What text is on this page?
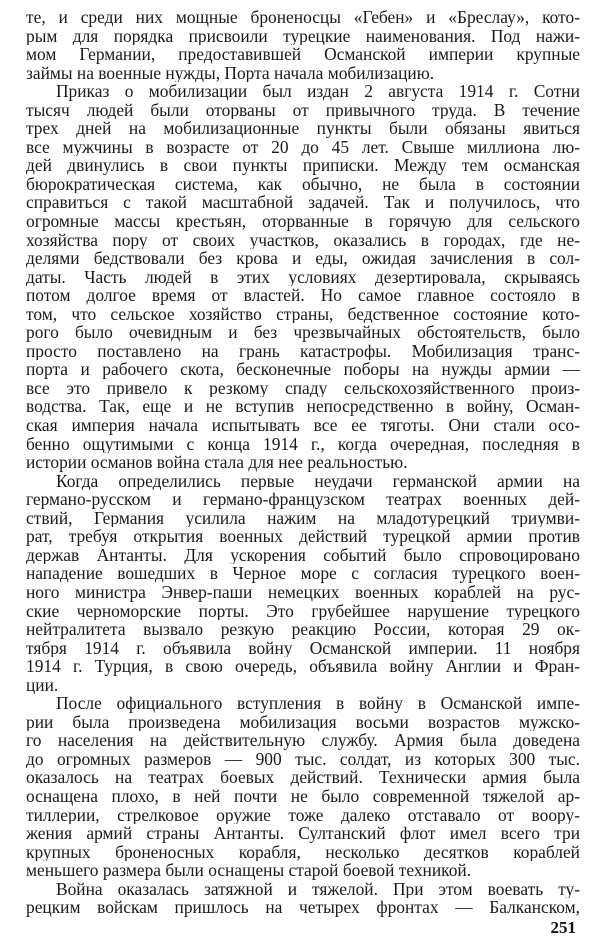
те, и среди них мощные броненосцы «Гебен» и «Бреслау», кото-
рым для порядка присвоили турецкие наименования. Под нажи-
мом Германии, предоставившей Османской империи крупные
займы на военные нужды, Порта начала мобилизацию.
Приказ о мобилизации был издан 2 августа 1914 г. Сотни
тысяч людей были оторваны от привычного труда. В течение
трех дней на мобилизационные пункты были обязаны явиться
все мужчины в возрасте от 20 до 45 лет. Свыше миллиона лю-
дей двинулись в свои пункты приписки. Между тем османская
бюрократическая система, как обычно, не была в состоянии
справиться с такой масштабной задачей. Так и получилось, что
огромные массы крестьян, оторванные в горячую для сельского
хозяйства пору от своих участков, оказались в городах, где не-
делями бедствовали без крова и еды, ожидая зачисления в сол-
даты. Часть людей в этих условиях дезертировала, скрываясь
потом долгое время от властей. Но самое главное состояло в
том, что сельское хозяйство страны, бедственное состояние кото-
рого было очевидным и без чрезвычайных обстоятельств, было
просто поставлено на грань катастрофы. Мобилизация транс-
порта и рабочего скота, бесконечные поборы на нужды армии —
все это привело к резкому спаду сельскохозяйственного произ-
водства. Так, еще и не вступив непосредственно в войну, Осман-
ская империя начала испытывать все ее тяготы. Они стали осо-
бенно ощутимыми с конца 1914 г., когда очередная, последняя в
истории османов война стала для нее реальностью.
Когда определились первые неудачи германской армии на
германо-русском и германо-французском театрах военных дей-
ствий, Германия усилила нажим на младотурецкий триумви-
рат, требуя открытия военных действий турецкой армии против
держав Антанты. Для ускорения событий было спровоцировано
нападение вошедших в Черное море с согласия турецкого воен-
ного министра Энвер-паши немецких военных кораблей на рус-
ские черноморские порты. Это грубейшее нарушение турецкого
нейтралитета вызвало резкую реакцию России, которая 29 ок-
тября 1914 г. объявила войну Османской империи. 11 ноября
1914 г. Турция, в свою очередь, объявила войну Англии и Фран-
ции.
После официального вступления в войну в Османской импе-
рии была произведена мобилизация восьми возрастов мужско-
го населения на действительную службу. Армия была доведена
до огромных размеров — 900 тыс. солдат, из которых 300 тыс.
оказалось на театрах боевых действий. Технически армия была
оснащена плохо, в ней почти не было современной тяжелой ар-
тиллерии, стрелковое оружие тоже далеко отставало от воору-
жения армий страны Антанты. Султанский флот имел всего три
крупных броненосных корабля, несколько десятков кораблей
меньшего размера были оснащены старой боевой техникой.
Война оказалась затяжной и тяжелой. При этом воевать ту-
рецким войскам пришлось на четырех фронтах — Балканском,
251
